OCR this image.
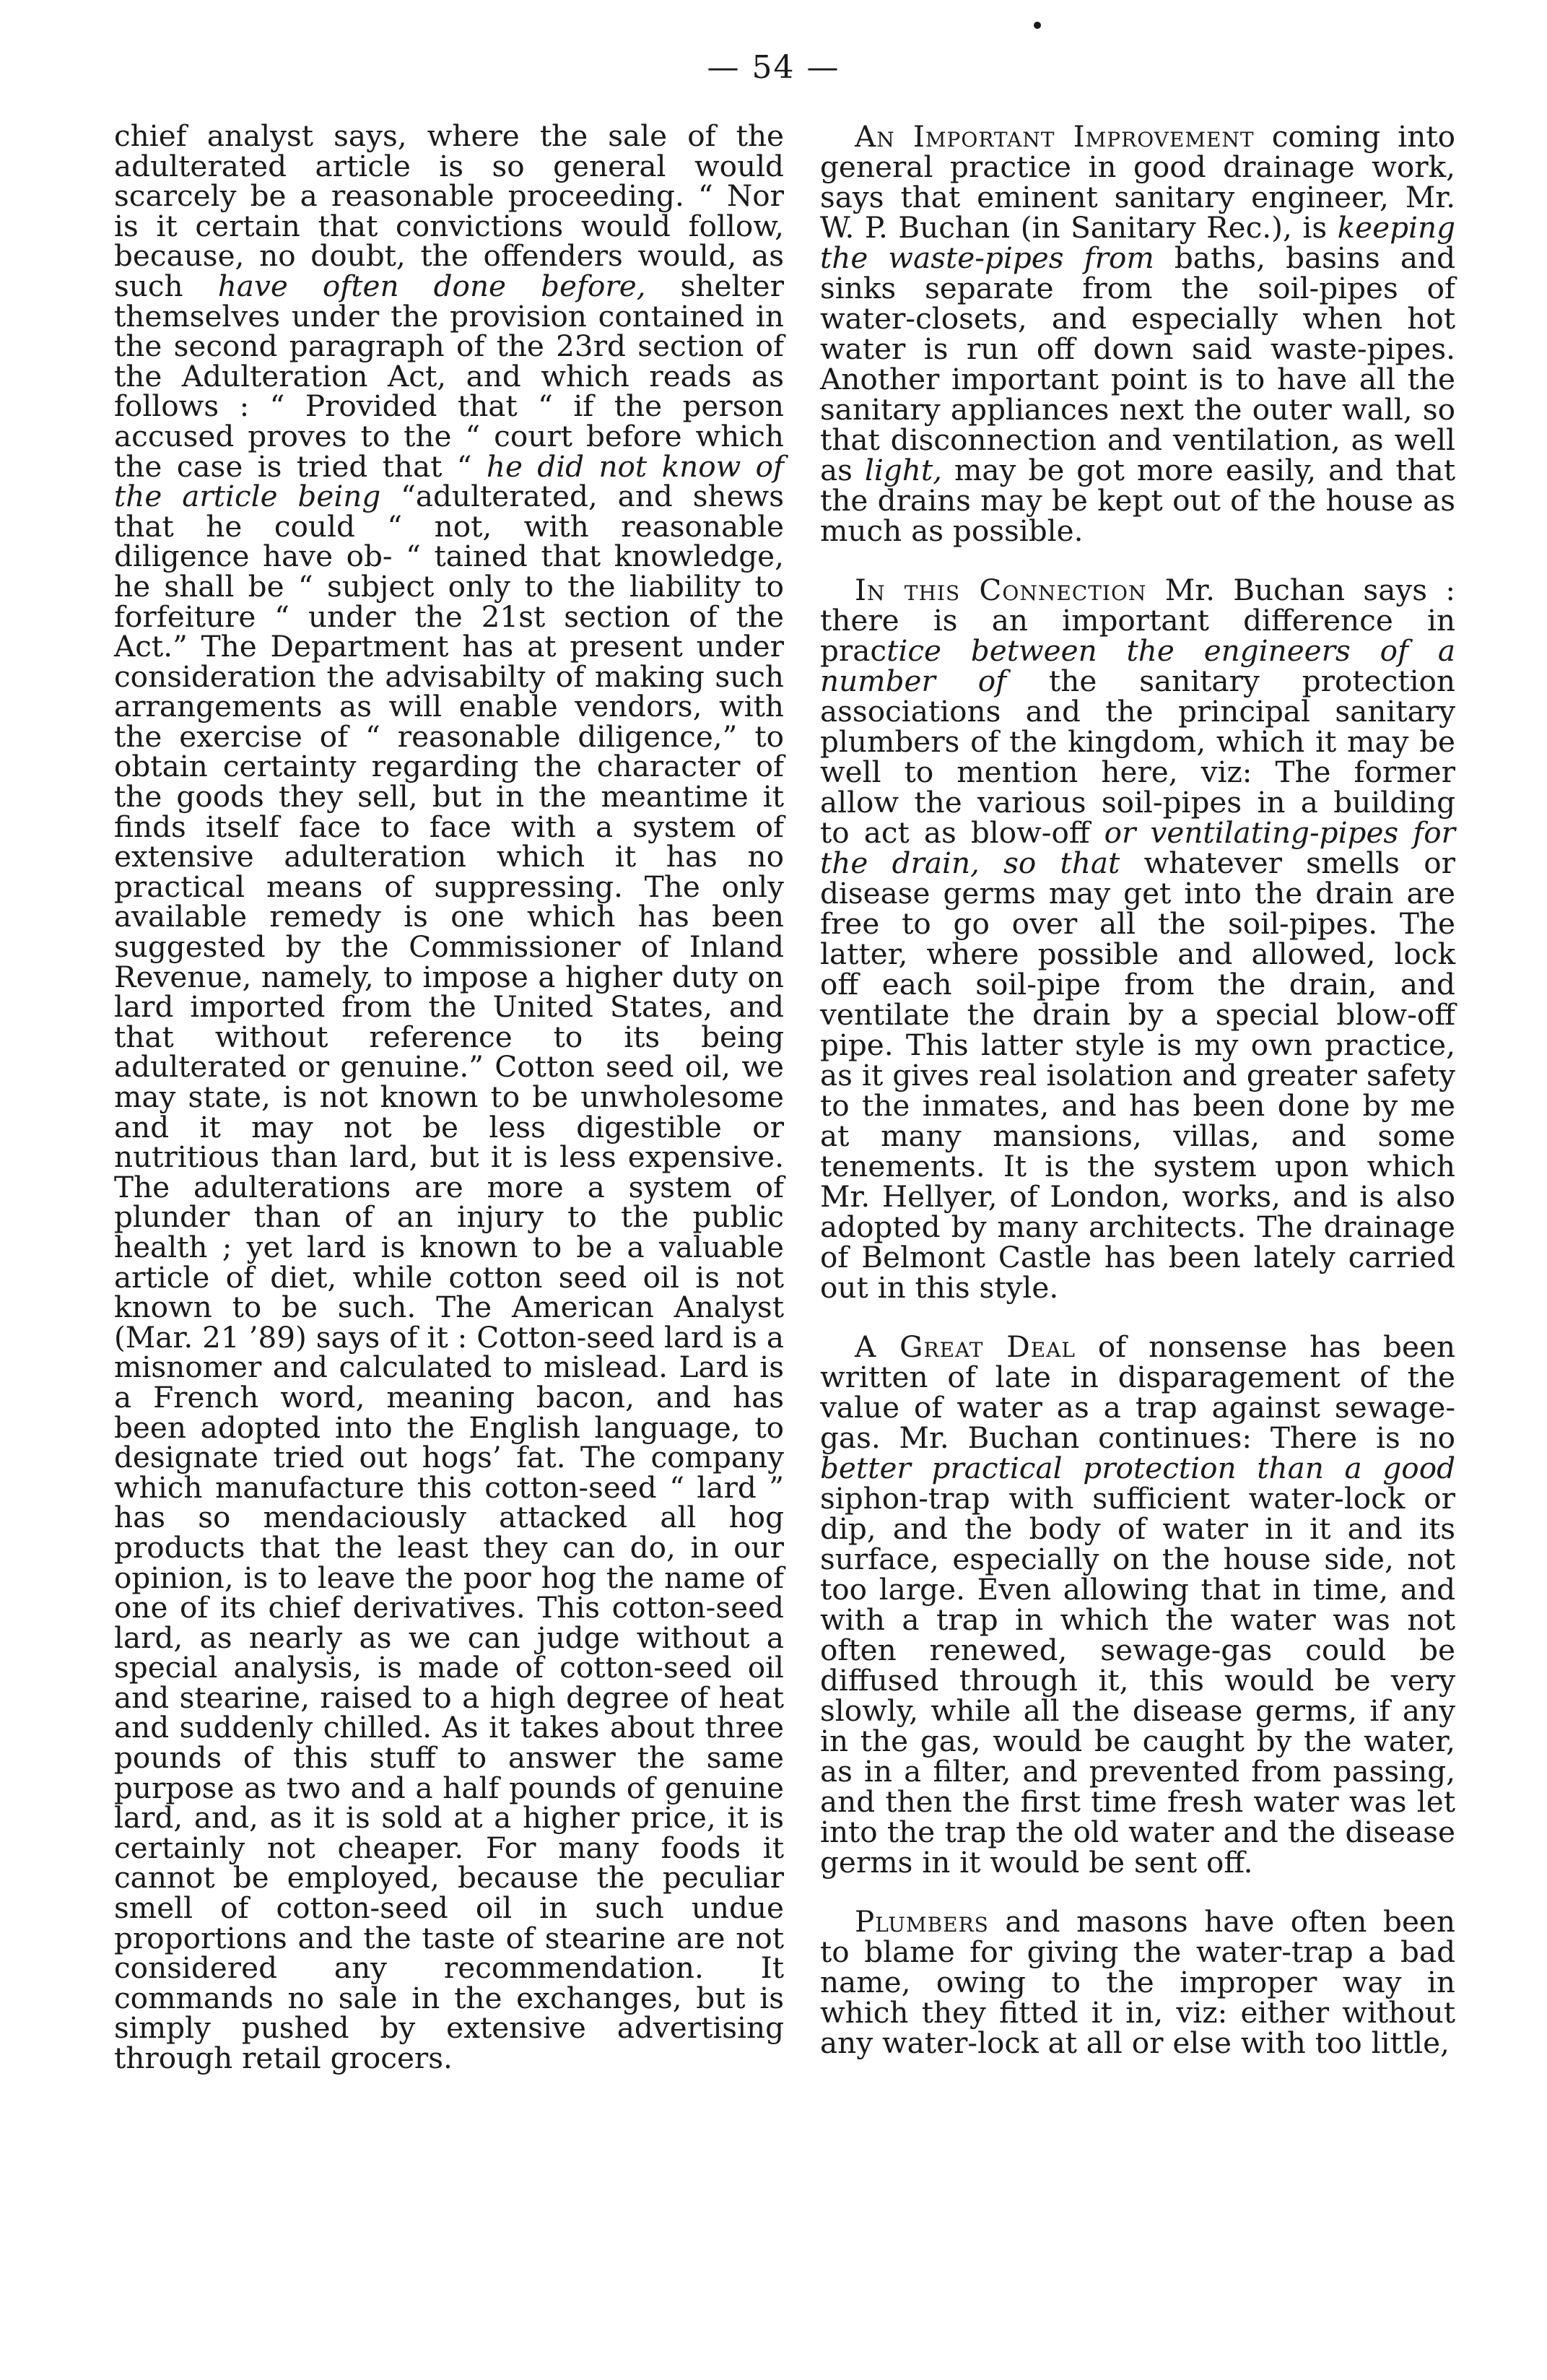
— 54 —

chief analyst says, where the sale of the adulterated article is so general would scarcely be a reasonable proceeding. “ Nor is it certain that convictions would follow, because, no doubt, the offenders would, as such have often done before, shelter themselves under the provision contained in the second paragraph of the 23rd section of the Adulteration Act, and which reads as follows : “ Provided that “ if the person accused proves to the “ court before which the case is tried that “ he did not know of the article being “adulterated, and shews that he could “ not, with reasonable diligence have ob- “ tained that knowledge, he shall be “ subject only to the liability to forfeiture “ under the 21st section of the Act.” The Department has at present under consideration the advisabilty of making such arrangements as will enable vendors, with the exercise of “ reasonable diligence,” to obtain certainty regarding the character of the goods they sell, but in the meantime it finds itself face to face with a system of extensive adulteration which it has no practical means of suppressing. The only available remedy is one which has been suggested by the Commissioner of Inland Revenue, namely, to impose a higher duty on lard imported from the United States, and that without reference to its being adulterated or genuine.” Cotton seed oil, we may state, is not known to be unwholesome and it may not be less digestible or nutritious than lard, but it is less expensive. The adulterations are more a system of plunder than of an injury to the public health ; yet lard is known to be a valuable article of diet, while cotton seed oil is not known to be such. The American Analyst (Mar. 21 ’89) says of it : Cotton-seed lard is a misnomer and calculated to mislead. Lard is a French word, meaning bacon, and has been adopted into the English language, to designate tried out hogs’ fat. The company which manufacture this cotton-seed “ lard ” has so mendaciously attacked all hog products that the least they can do, in our opinion, is to leave the poor hog the name of one of its chief derivatives. This cotton-seed lard, as nearly as we can judge without a special analysis, is made of cotton-seed oil and stearine, raised to a high degree of heat and suddenly chilled. As it takes about three pounds of this stuff to answer the same purpose as two and a half pounds of genuine lard, and, as it is sold at a higher price, it is certainly not cheaper. For many foods it cannot be employed, because the peculiar smell of cotton-seed oil in such undue proportions and the taste of stearine are not considered any recommendation. It commands no sale in the exchanges, but is simply pushed by extensive advertising through retail grocers.

An Important Improvement coming into general practice in good drainage work, says that eminent sanitary engineer, Mr. W. P. Buchan (in Sanitary Rec.), is keeping the waste-pipes from baths, basins and sinks separate from the soil-pipes of water-closets, and especially when hot water is run off down said waste-pipes. Another important point is to have all the sanitary appliances next the outer wall, so that disconnection and ventilation, as well as light, may be got more easily, and that the drains may be kept out of the house as much as possible.

In this Connection Mr. Buchan says : there is an important difference in practice between the engineers of a number of the sanitary protection associations and the principal sanitary plumbers of the kingdom, which it may be well to mention here, viz: The former allow the various soil-pipes in a building to act as blow-off or ventilating-pipes for the drain, so that whatever smells or disease germs may get into the drain are free to go over all the soil-pipes. The latter, where possible and allowed, lock off each soil-pipe from the drain, and ventilate the drain by a special blow-off pipe. This latter style is my own practice, as it gives real isolation and greater safety to the inmates, and has been done by me at many mansions, villas, and some tenements. It is the system upon which Mr. Hellyer, of London, works, and is also adopted by many architects. The drainage of Belmont Castle has been lately carried out in this style.

A Great Deal of nonsense has been written of late in disparagement of the value of water as a trap against sewage-gas. Mr. Buchan continues: There is no better practical protection than a good siphon-trap with sufficient water-lock or dip, and the body of water in it and its surface, especially on the house side, not too large. Even allowing that in time, and with a trap in which the water was not often renewed, sewage-gas could be diffused through it, this would be very slowly, while all the disease germs, if any in the gas, would be caught by the water, as in a filter, and prevented from passing, and then the first time fresh water was let into the trap the old water and the disease germs in it would be sent off.

Plumbers and masons have often been to blame for giving the water-trap a bad name, owing to the improper way in which they fitted it in, viz: either without any water-lock at all or else with too little,
